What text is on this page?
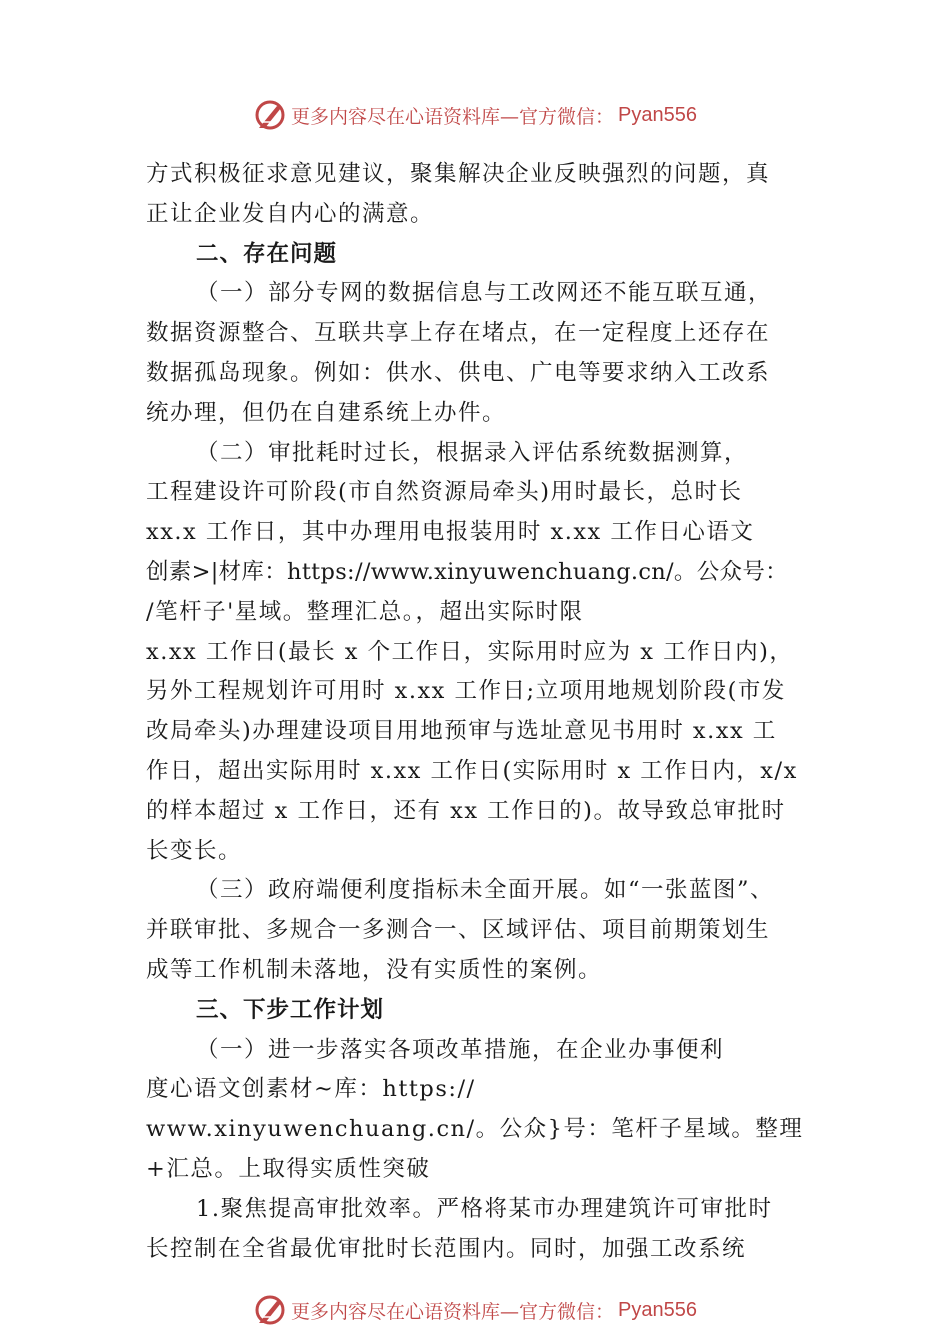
更多内容尽在心语资料库—官方微信： Pyan556
方式积极征求意见建议，聚集解决企业反映强烈的问题，真
正让企业发自内心的满意。
二、存在问题
（一）部分专网的数据信息与工改网还不能互联互通，
数据资源整合、互联共享上存在堵点，在一定程度上还存在
数据孤岛现象。例如：供水、供电、广电等要求纳入工改系
统办理，但仍在自建系统上办件。
（二）审批耗时过长，根据录入评估系统数据测算，
工程建设许可阶段(市自然资源局牵头)用时最长，总时长
xx.x 工作日，其中办理用电报装用时 x.xx 工作日心语文
创素>|材库：https://www.xinyuwenchuang.cn/。公众号：
/笔杆子'星域。整理汇总。，超出实际时限
x.xx 工作日(最长 x 个工作日，实际用时应为 x 工作日内)，
另外工程规划许可用时 x.xx 工作日;立项用地规划阶段(市发
改局牵头)办理建设项目用地预审与选址意见书用时 x.xx 工
作日，超出实际用时 x.xx 工作日(实际用时 x 工作日内，x/x
的样本超过 x 工作日，还有 xx 工作日的)。故导致总审批时
长变长。
（三）政府端便利度指标未全面开展。如“一张蓝图”、
并联审批、多规合一多测合一、区域评估、项目前期策划生
成等工作机制未落地，没有实质性的案例。
三、下步工作计划
（一）进一步落实各项改革措施，在企业办事便利
度心语文创素材~库：https://
www.xinyuwenchuang.cn/。公众}号：笔杆子星域。整理
+汇总。上取得实质性突破
1.聚焦提高审批效率。严格将某市办理建筑许可审批时
长控制在全省最优审批时长范围内。同时，加强工改系统
更多内容尽在心语资料库—官方微信： Pyan556
